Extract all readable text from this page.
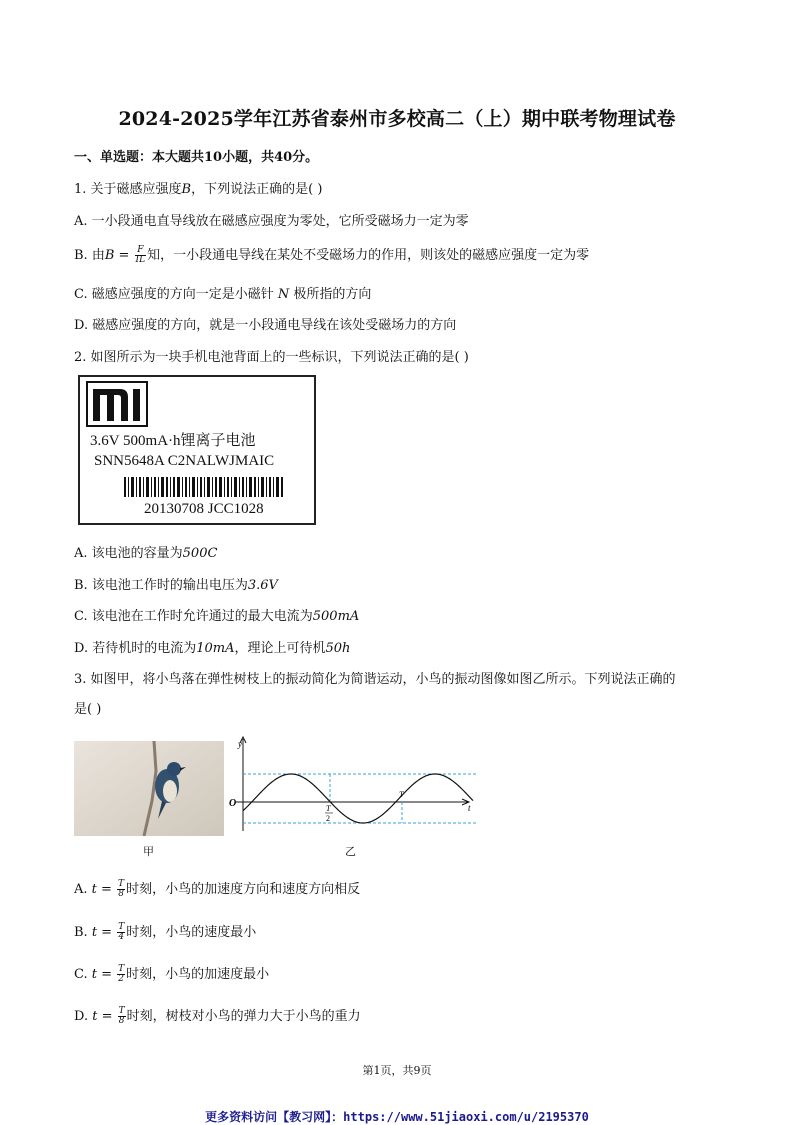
2024-2025学年江苏省泰州市多校高二（上）期中联考物理试卷
一、单选题：本大题共10小题，共40分。
1. 关于磁感应强度B，下列说法正确的是( )
A. 一小段通电直导线放在磁感应强度为零处，它所受磁场力一定为零
B. 由$B = \frac{F}{IL}$ 知，一小段通电导线在某处不受磁场力的作用，则该处的磁感应强度一定为零
C. 磁感应强度的方向一定是小磁针 N 极所指的方向
D. 磁感应强度的方向，就是一小段通电导线在该处受磁场力的方向
2. 如图所示为一块手机电池背面上的一些标识，下列说法正确的是( )
3.6V 500mA·h锂离子电池
SNN5648A C2NALWJMAIC
20130708 JCC1028
A. 该电池的容量为500C
B. 该电池工作时的输出电压为3.6V
C. 该电池在工作时允许通过的最大电流为500mA
D. 若待机时的电流为10mA，理论上可待机50h
3. 如图甲，将小鸟落在弹性树枝上的振动简化为简谐运动，小鸟的振动图像如图乙所示。下列说法正确的
是( )
y
t
O	T
2
T
甲	乙
A. $t = \frac{T}{8}$ 时刻，小鸟的加速度方向和速度方向相反
B. $t = \frac{T}{4}$ 时刻，小鸟的速度最小
C. $t = \frac{T}{2}$ 时刻，小鸟的加速度最小
D. $t = \frac{T}{8}$ 时刻，树枝对小鸟的弹力大于小鸟的重力
第1页，共9页
更多资料访问【教习网】：https://www.51jiaoxi.com/u/2195370
